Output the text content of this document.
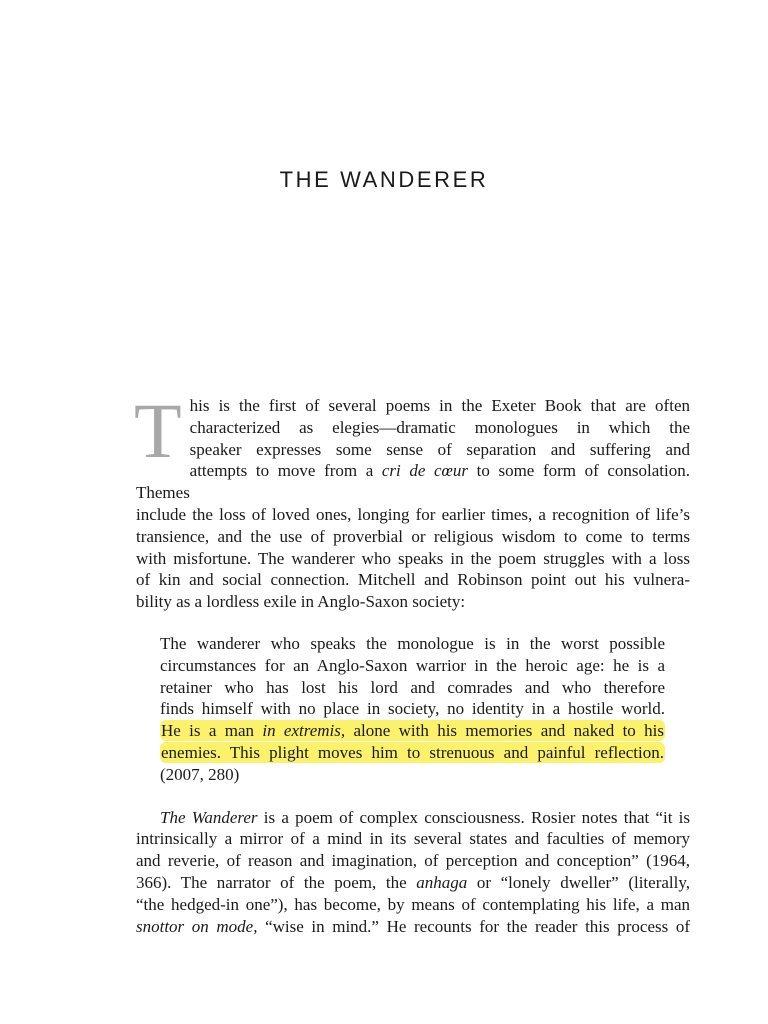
THE WANDERER
T his is the first of several poems in the Exeter Book that are often
characterized as elegies—dramatic monologues in which the
speaker expresses some sense of separation and suffering and
attempts to move from a cri de cœur to some form of consolation. Themes
include the loss of loved ones, longing for earlier times, a recognition of life’s
transience, and the use of proverbial or religious wisdom to come to terms
with misfortune. The wanderer who speaks in the poem struggles with a loss
of kin and social connection. Mitchell and Robinson point out his vulnera-
bility as a lordless exile in Anglo-Saxon society:
The wanderer who speaks the monologue is in the worst possible
circumstances for an Anglo-Saxon warrior in the heroic age: he is a
retainer who has lost his lord and comrades and who therefore
finds himself with no place in society, no identity in a hostile world.
He is a man in extremis, alone with his memories and naked to his
enemies. This plight moves him to strenuous and painful reflection.
(2007, 280)
The Wanderer is a poem of complex consciousness. Rosier notes that “it is
intrinsically a mirror of a mind in its several states and faculties of memory
and reverie, of reason and imagination, of perception and conception” (1964,
366). The narrator of the poem, the anhaga or “lonely dweller” (literally,
“the hedged-in one”), has become, by means of contemplating his life, a man
snottor on mode, “wise in mind.” He recounts for the reader this process of
